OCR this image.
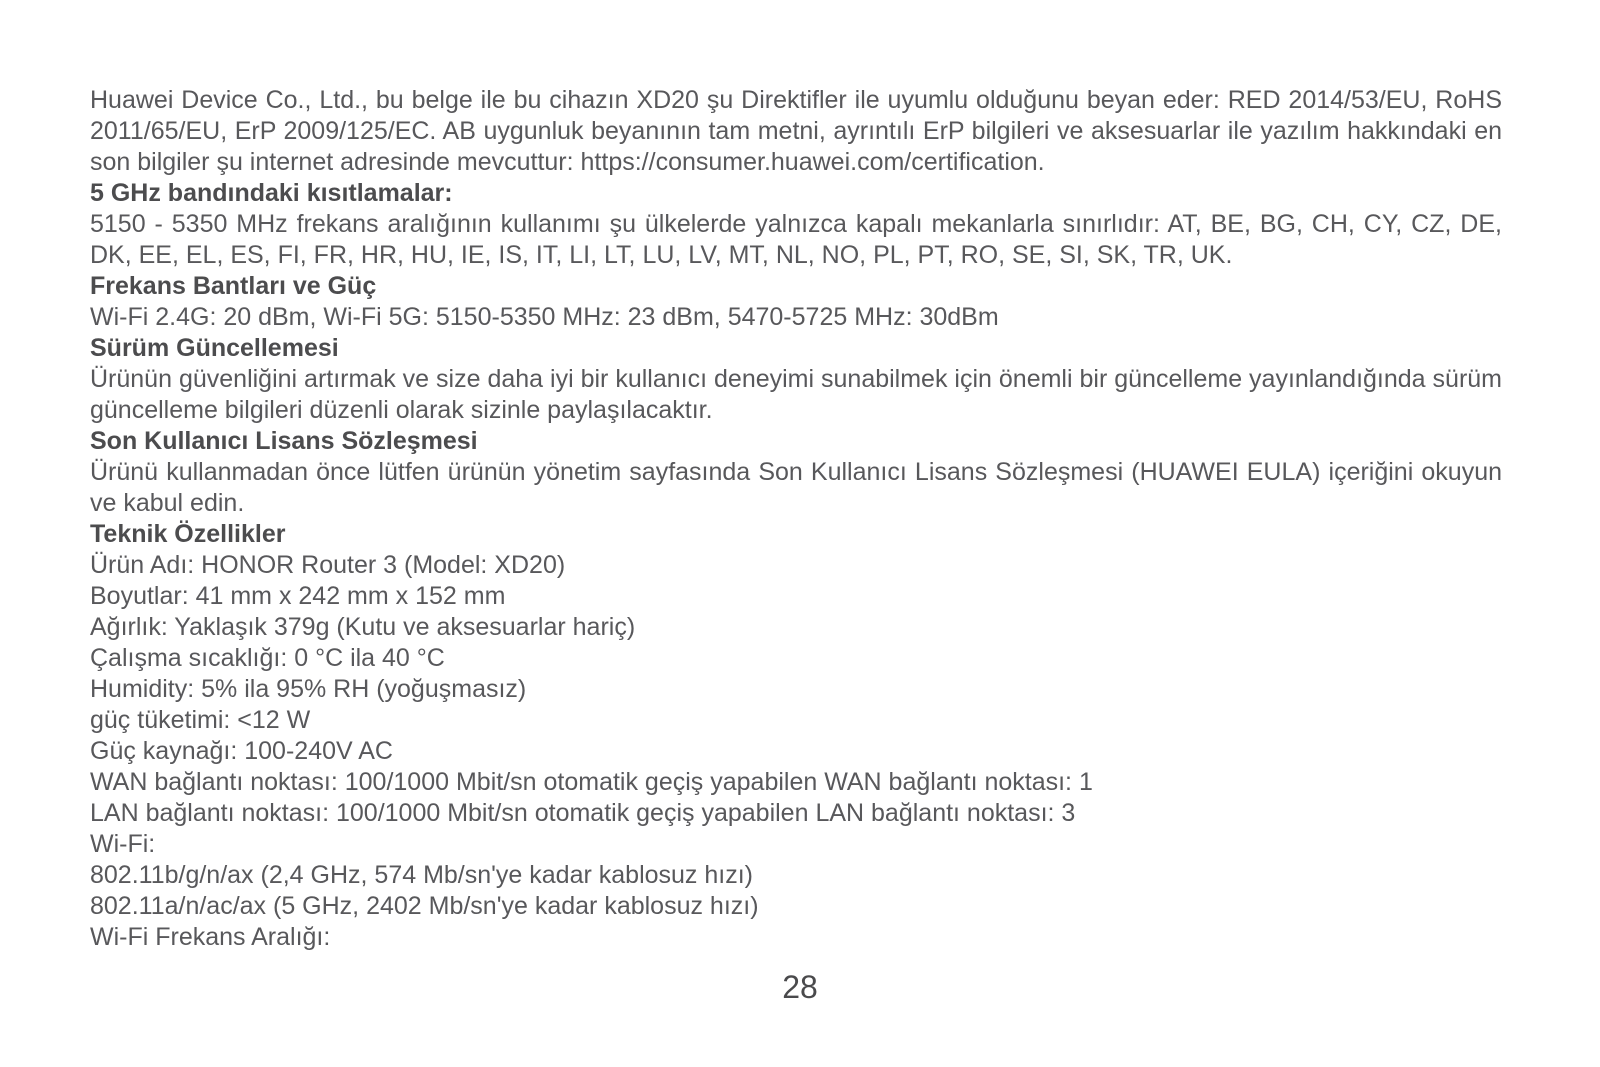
Huawei Device Co., Ltd., bu belge ile bu cihazın XD20 şu Direktifler ile uyumlu olduğunu beyan eder: RED 2014/53/EU, RoHS 2011/65/EU, ErP 2009/125/EC. AB uygunluk beyanının tam metni, ayrıntılı ErP bilgileri ve aksesuarlar ile yazılım hakkındaki en son bilgiler şu internet adresinde mevcuttur: https://consumer.huawei.com/certification.

5 GHz bandındaki kısıtlamalar:

5150 - 5350 MHz frekans aralığının kullanımı şu ülkelerde yalnızca kapalı mekanlarla sınırlıdır: AT, BE, BG, CH, CY, CZ, DE, DK, EE, EL, ES, FI, FR, HR, HU, IE, IS, IT, LI, LT, LU, LV, MT, NL, NO, PL, PT, RO, SE, SI, SK, TR, UK.

Frekans Bantları ve Güç

Wi-Fi 2.4G: 20 dBm, Wi-Fi 5G: 5150-5350 MHz: 23 dBm, 5470-5725 MHz: 30dBm

Sürüm Güncellemesi

Ürünün güvenliğini artırmak ve size daha iyi bir kullanıcı deneyimi sunabilmek için önemli bir güncelleme yayınlandığında sürüm güncelleme bilgileri düzenli olarak sizinle paylaşılacaktır.

Son Kullanıcı Lisans Sözleşmesi

Ürünü kullanmadan önce lütfen ürünün yönetim sayfasında Son Kullanıcı Lisans Sözleşmesi (HUAWEI EULA) içeriğini okuyun ve kabul edin.

Teknik Özellikler

Ürün Adı: HONOR Router 3 (Model: XD20)

Boyutlar: 41 mm x 242 mm x 152 mm

Ağırlık: Yaklaşık 379g (Kutu ve aksesuarlar hariç)

Çalışma sıcaklığı: 0 °C ila 40 °C

Humidity: 5% ila 95% RH (yoğuşmasız)

güç tüketimi: <12 W

Güç kaynağı: 100-240V AC

WAN bağlantı noktası: 100/1000 Mbit/sn otomatik geçiş yapabilen WAN bağlantı noktası: 1

LAN bağlantı noktası: 100/1000 Mbit/sn otomatik geçiş yapabilen LAN bağlantı noktası: 3

Wi-Fi:

802.11b/g/n/ax (2,4 GHz, 574 Mb/sn'ye kadar kablosuz hızı)

802.11a/n/ac/ax (5 GHz, 2402 Mb/sn'ye kadar kablosuz hızı)

Wi-Fi Frekans Aralığı:

28
